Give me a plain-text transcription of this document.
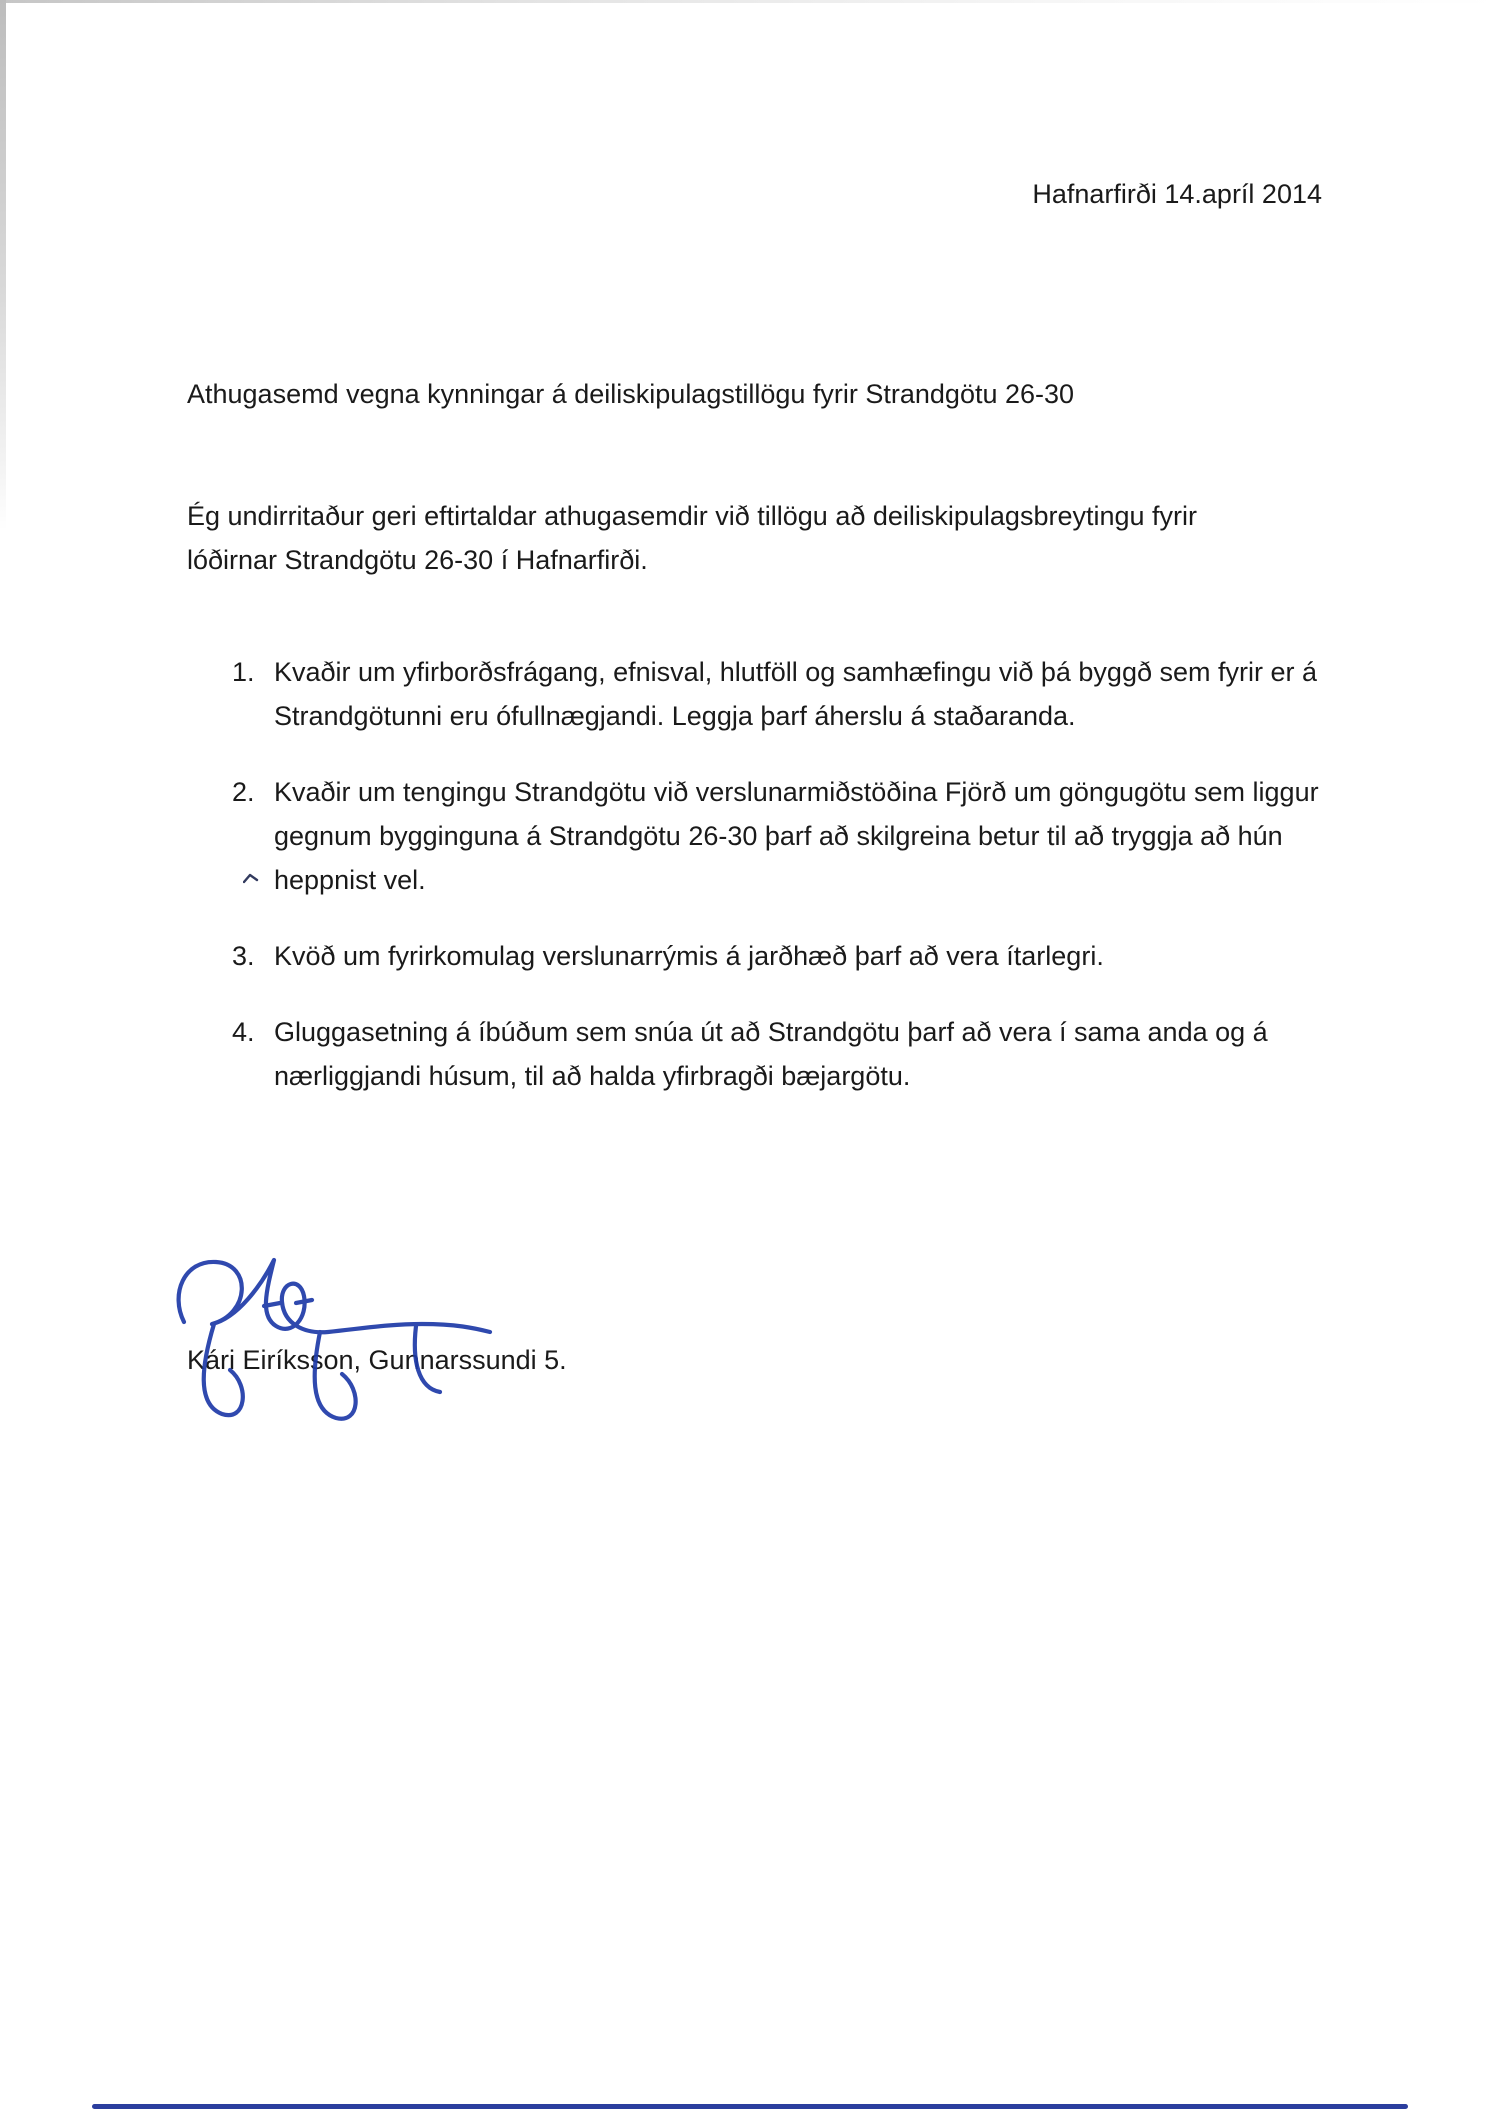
Hafnarfirði 14.apríl 2014
Athugasemd vegna kynningar á deiliskipulagstillögu fyrir Strandgötu 26-30
Ég undirritaður geri eftirtaldar athugasemdir við tillögu að deiliskipulagsbreytingu fyrir lóðirnar Strandgötu 26-30 í Hafnarfirði.
1. Kvaðir um yfirborðsfrágang, efnisval, hlutföll og samhæfingu við þá byggð sem fyrir er á Strandgötunni eru ófullnægjandi. Leggja þarf áherslu á staðaranda.
2. Kvaðir um tengingu Strandgötu við verslunarmiðstöðina Fjörð um göngugötu sem liggur gegnum bygginguna á Strandgötu 26-30 þarf að skilgreina betur til að tryggja að hún heppnist vel.
3. Kvöð um fyrirkomulag verslunarrýmis á jarðhæð þarf að vera ítarlegri.
4. Gluggasetning á íbúðum sem snúa út að Strandgötu þarf að vera í sama anda og á nærliggjandi húsum, til að halda yfirbragði bæjargötu.
Kári Eiríksson, Gunnarssundi 5.
